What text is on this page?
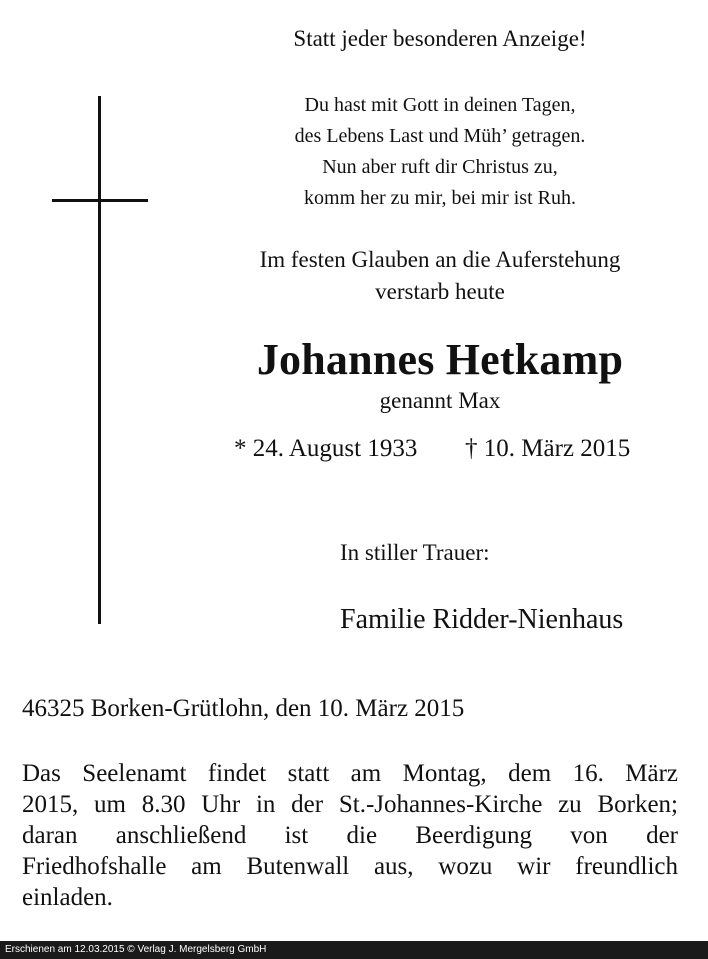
Statt jeder besonderen Anzeige!
Du hast mit Gott in deinen Tagen,
des Lebens Last und Müh’ getragen.
Nun aber ruft dir Christus zu,
komm her zu mir, bei mir ist Ruh.
Im festen Glauben an die Auferstehung
verstarb heute
Johannes Hetkamp
genannt Max
* 24. August 1933 † 10. März 2015
In stiller Trauer:
Familie Ridder-Nienhaus
46325 Borken-Grütlohn, den 10. März 2015
Das Seelenamt findet statt am Montag, dem 16. März
2015, um 8.30 Uhr in der St.-Johannes-Kirche zu Borken;
daran anschließend ist die Beerdigung von der
Friedhofshalle am Butenwall aus, wozu wir freundlich
einladen.
Erschienen am 12.03.2015 © Verlag J. Mergelsberg GmbH
